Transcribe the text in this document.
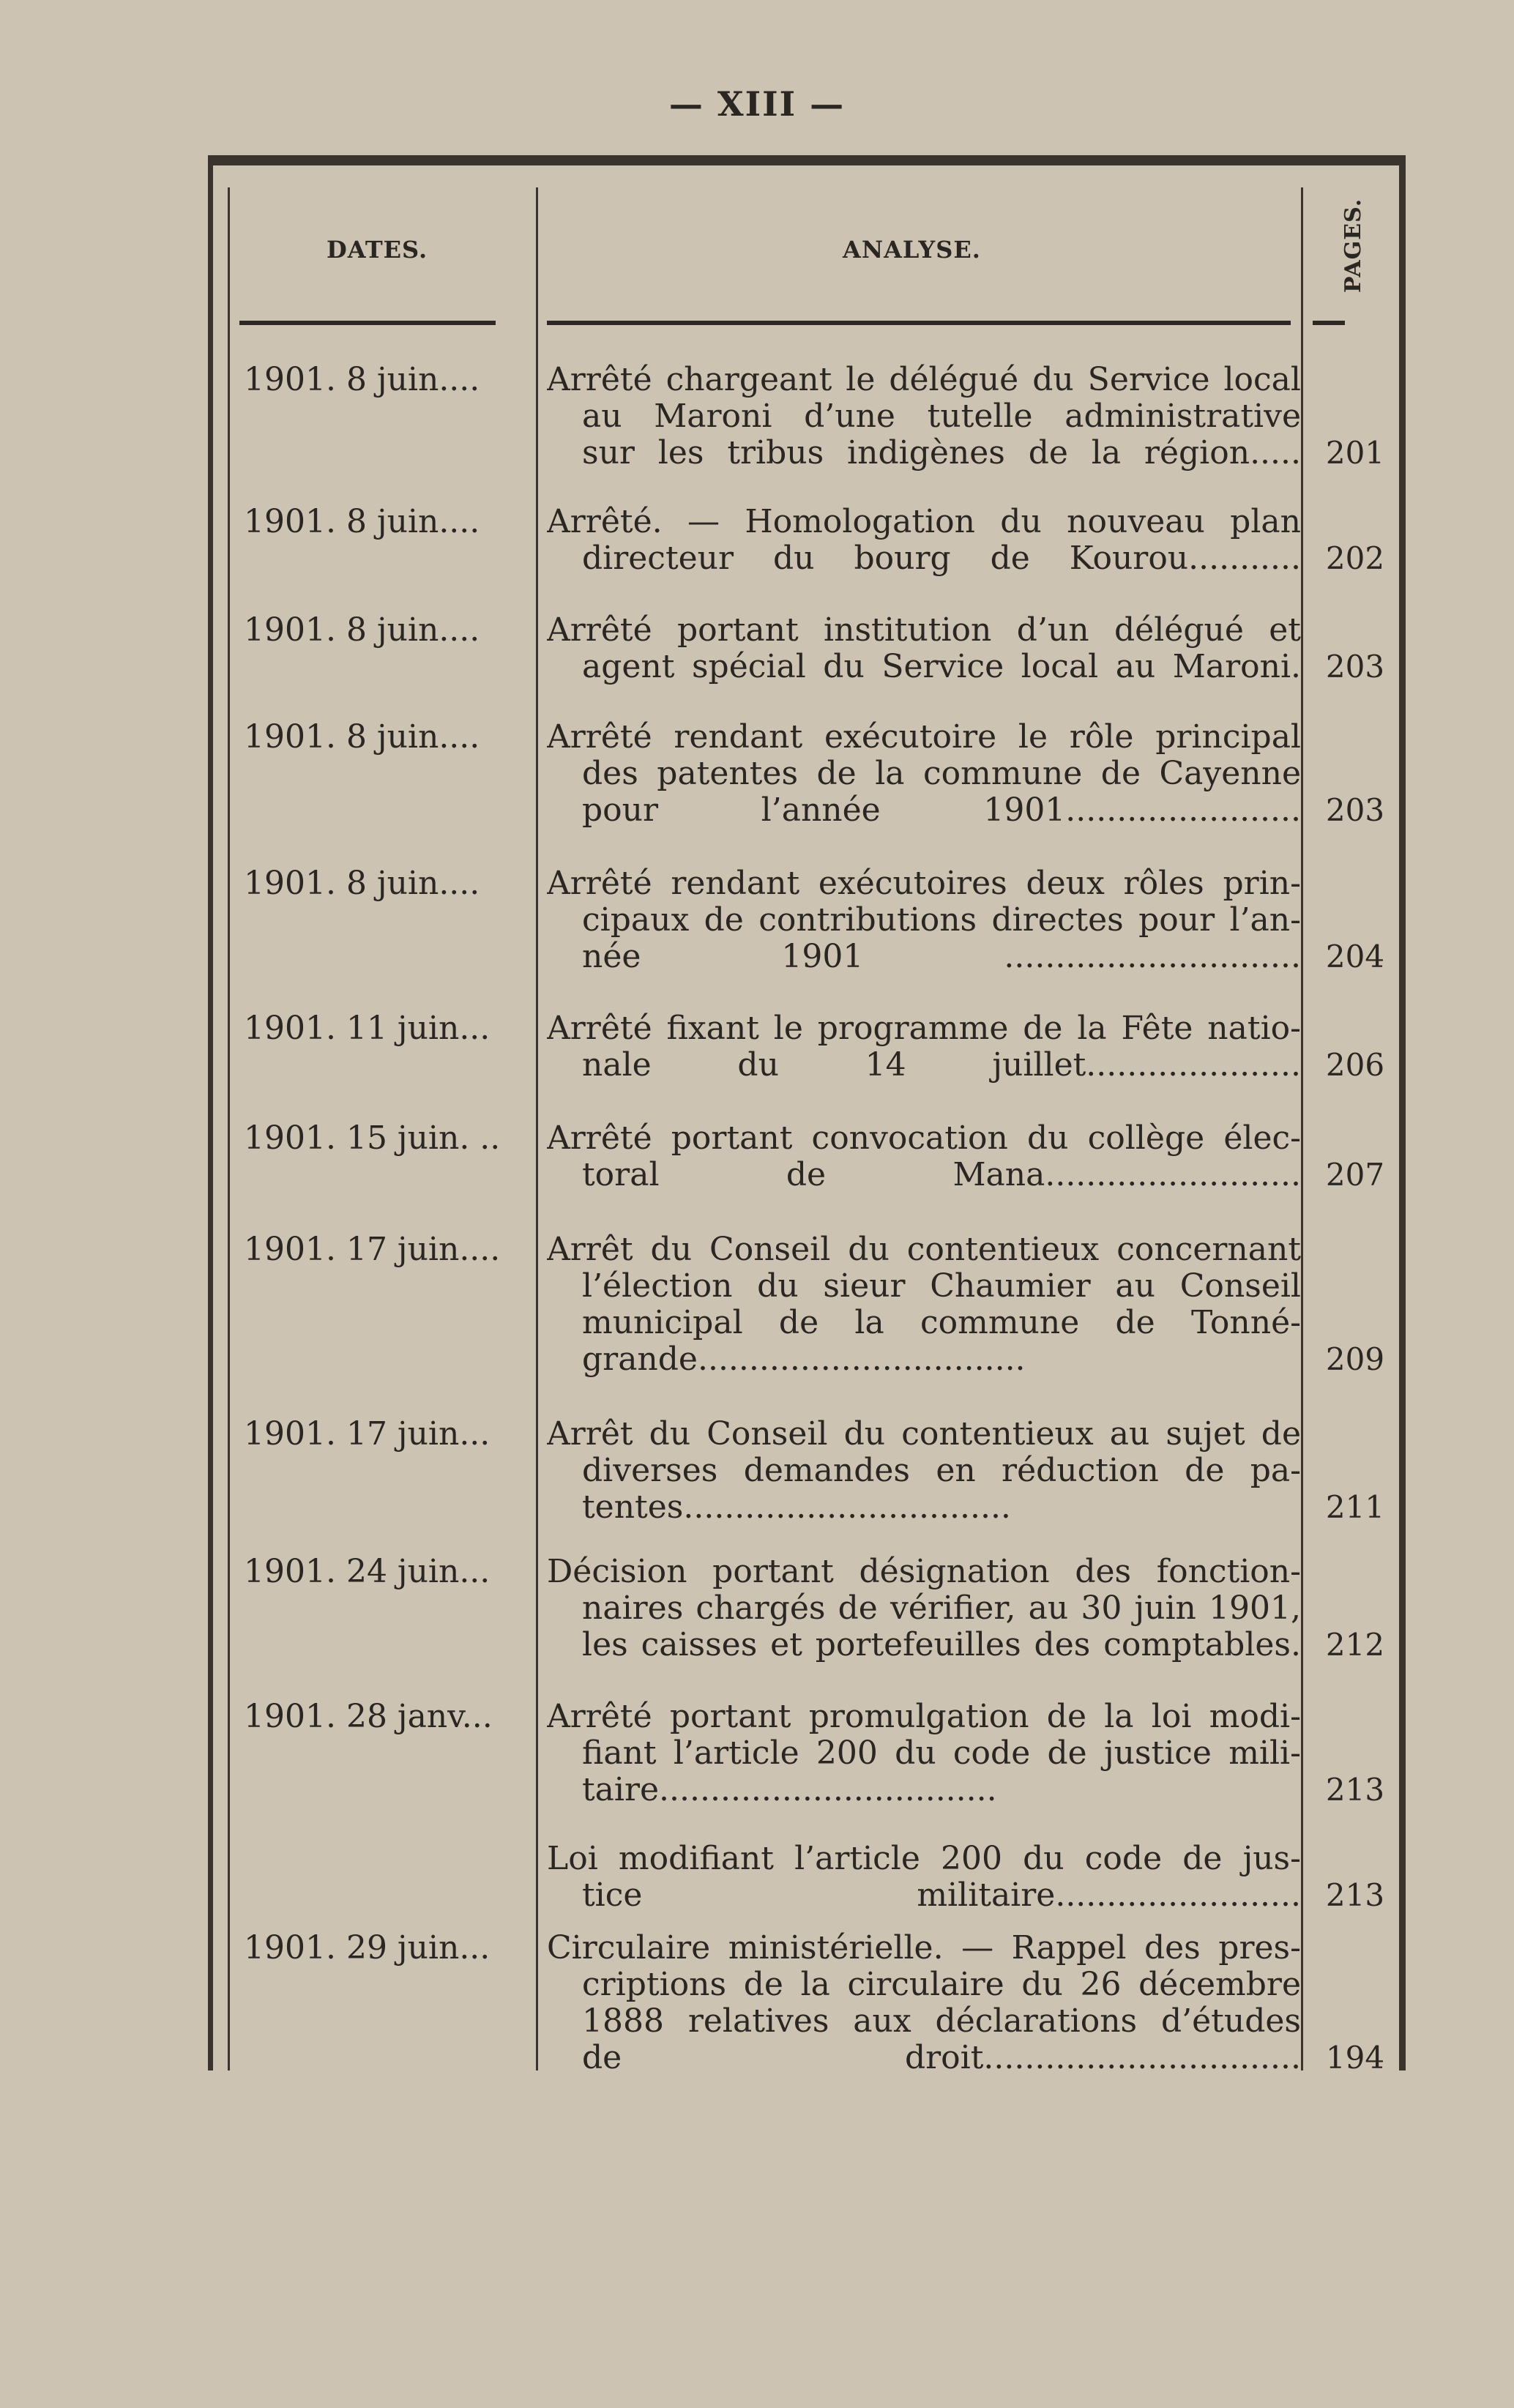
— XIII —
DATES.	ANALYSE.	PAGES.
1901. 8 juin....	Arrêté chargeant le délégué du Service local
au Maroni d’une tutelle administrative
sur les tribus indigènes de la région..... 201
1901. 8 juin....	Arrêté. — Homologation du nouveau plan
directeur du bourg de Kourou........... 202
1901. 8 juin....	Arrêté portant institution d’un délégué et
agent spécial du Service local au Maroni. 203
1901. 8 juin....	Arrêté rendant exécutoire le rôle principal
des patentes de la commune de Cayenne
pour l’année 1901....................... 203
1901. 8 juin....	Arrêté rendant exécutoires deux rôles prin-
cipaux de contributions directes pour l’an-
née 1901 ............................. 204
1901. 11 juin...	Arrêté fixant le programme de la Fête natio-
nale du 14 juillet..................... 206
1901. 15 juin. ..	Arrêté portant convocation du collège élec-
toral de Mana......................... 207
1901. 17 juin....	Arrêt du Conseil du contentieux concernant
l’élection du sieur Chaumier au Conseil
municipal de la commune de Tonné-
grande................................	209
1901. 17 juin...	Arrêt du Conseil du contentieux au sujet de
diverses demandes en réduction de pa-
tentes................................	211
1901. 24 juin...	Décision portant désignation des fonction-
naires chargés de vérifier, au 30 juin 1901,
les caisses et portefeuilles des comptables. 212
1901. 28 janv...	Arrêté portant promulgation de la loi modi-
fiant l’article 200 du code de justice mili-
taire.................................	213
Loi modifiant l’article 200 du code de jus-
tice militaire........................ 213
1901. 29 juin...	Circulaire ministérielle. — Rappel des pres-
criptions de la circulaire du 26 décembre
1888 relatives aux déclarations d’études
de droit............................... 194
